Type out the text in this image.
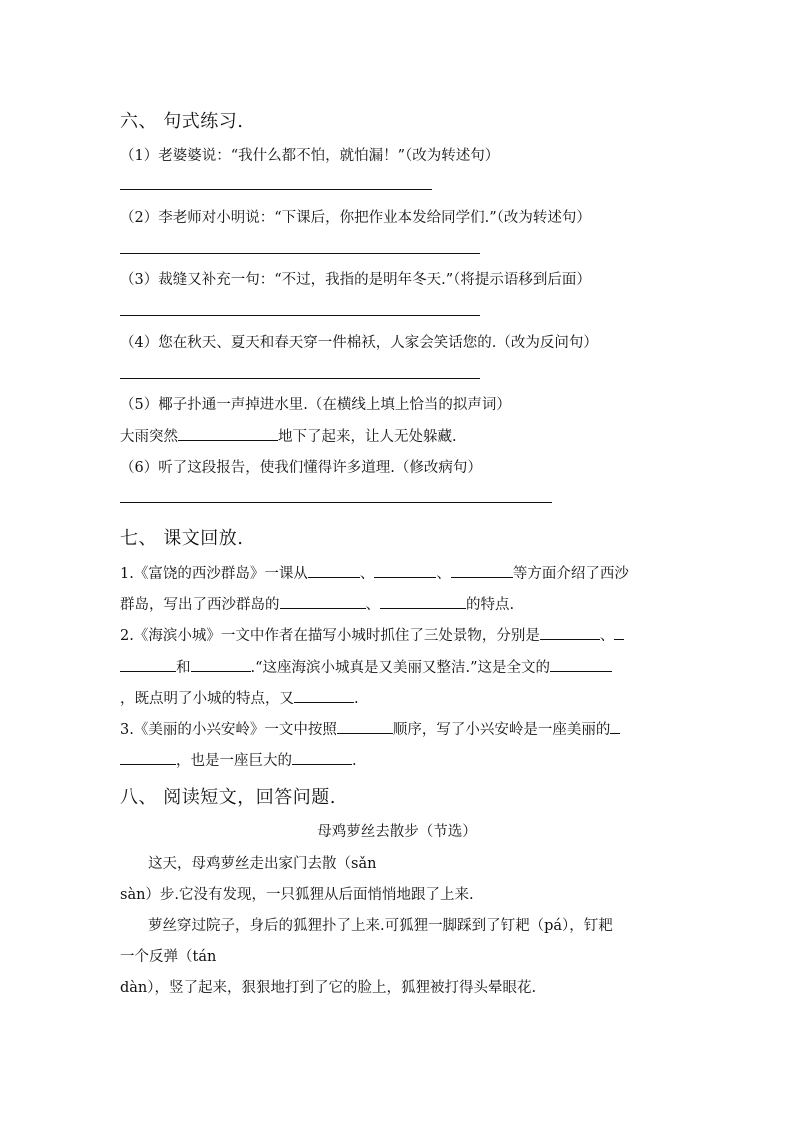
六、 句式练习.
（1）老婆婆说：“我什么都不怕，就怕漏！”（改为转述句）
（2）李老师对小明说：“下课后，你把作业本发给同学们.”（改为转述句）
（3）裁缝又补充一句：“不过，我指的是明年冬天.”（将提示语移到后面）
（4）您在秋天、夏天和春天穿一件棉袄，人家会笑话您的.（改为反问句）
（5）椰子扑通一声掉进水里.（在横线上填上恰当的拟声词）
大雨突然	地下了起来，让人无处躲藏.
（6）听了这段报告，使我们懂得许多道理.（修改病句）
七、 课文回放.
1.《富饶的西沙群岛》一课从	、	、	等方面介绍了西沙
群岛，写出了西沙群岛的	、	的特点.
2.《海滨小城》一文中作者在描写小城时抓住了三处景物，分别是	、
和	.“这座海滨小城真是又美丽又整洁.”这是全文的
，既点明了小城的特点，又	.
3.《美丽的小兴安岭》一文中按照	顺序，写了小兴安岭是一座美丽的
，也是一座巨大的	.
八、 阅读短文，回答问题.
母鸡萝丝去散步（节选）
这天，母鸡萝丝走出家门去散（sǎn
sàn）步.它没有发现，一只狐狸从后面悄悄地跟了上来.
萝丝穿过院子，身后的狐狸扑了上来.可狐狸一脚踩到了钉耙（pá），钉耙
一个反弹（tán
dàn），竖了起来，狠狠地打到了它的脸上，狐狸被打得头晕眼花.
